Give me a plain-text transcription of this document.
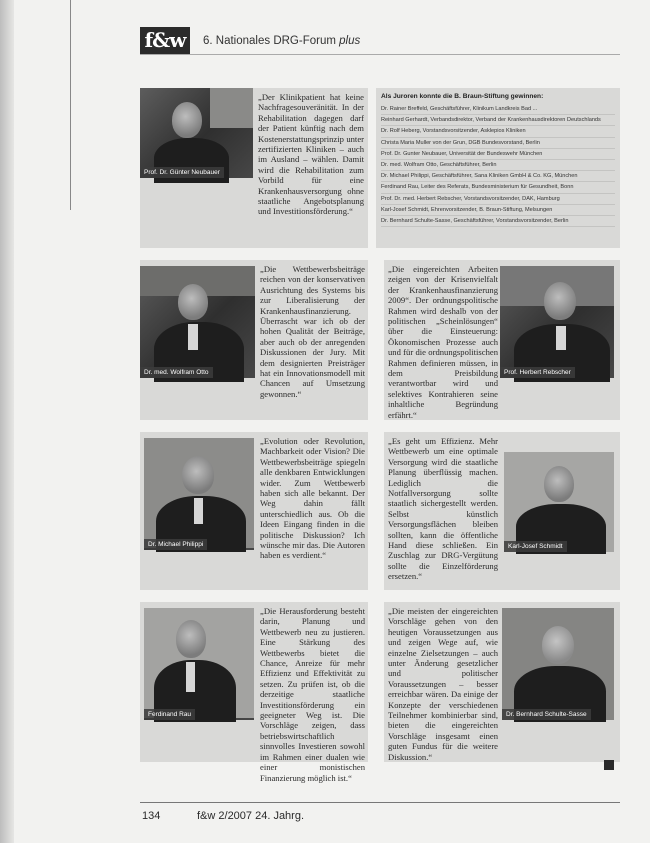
f&w	6. Nationales DRG-Forum plus
Prof. Dr. Günter Neubauer

„Der Klinikpatient hat keine Nachfragesouveränität. In der Rehabilitation dagegen darf der Patient künftig nach dem Kostenerstattungsprinzip unter zertifizierten Kliniken – auch im Ausland – wählen. Damit wird die Rehabilitation zum Vorbild für eine Krankenhausversorgung ohne staatliche Angebotsplanung und Investitionsförderung.“

Als Juroren konnte die B. Braun-Stiftung gewinnen:
Dr. Rainer Breffeld, Geschäftsführer, Klinikum Landkreis Bad ...
Reinhard Gerhardt, Verbandsdirektor, Verband der Krankenhausdirektoren Deutschlands
Dr. Rolf Heberg, Vorstandsvorsitzender, Asklepios Kliniken
Christa Maria Muller von der Grun, DGB Bundesvorstand, Berlin
Prof. Dr. Gunter Neubauer, Universität der Bundeswehr München
Dr. med. Wolfram Otto, Geschäftsführer, Berlin
Dr. Michael Philippi, Geschäftsführer, Sana Kliniken GmbH & Co. KG, München
Ferdinand Rau, Leiter des Referats, Bundesministerium für Gesundheit, Bonn
Prof. Dr. med. Herbert Rebscher, Vorstandsvorsitzender, DAK, Hamburg
Karl-Josef Schmidt, Ehrenvorsitzender, B. Braun-Stiftung, Melsungen
Dr. Bernhard Schulte-Sasse, Geschäftsführer, Vorstandsvorsitzender, Berlin
Dr. med. Wolfram Otto

„Die Wettbewerbsbeiträge reichen von der konservativen Ausrichtung des Systems bis zur Liberalisierung der Krankenhausfinanzierung. Überrascht war ich ob der hohen Qualität der Beiträge, aber auch ob der anregenden Diskussionen der Jury. Mit dem designierten Preisträger hat ein Innovationsmodell mit Chancen auf Umsetzung gewonnen.“

Prof. Herbert Rebscher

„Die eingereichten Arbeiten zeigen von der Krisenvielfalt der Krankenhausfinanzierung 2009“. Der ordnungspolitische Rahmen wird deshalb von der politischen „Scheinlösungen“ über die Einsteuerung: Ökonomischen Prozesse auch und für die ordnungspolitischen Rahmen definieren müssen, in dem Preisbildung verantwortbar wird und selektives Kontrahieren seine inhaltliche Begründung erfährt.“

Dr. Michael Philippi

„Evolution oder Revolution, Machbarkeit oder Vision? Die Wettbewerbsbeiträge spiegeln alle denkbaren Entwicklungen wider. Zum Wettbewerb haben sich alle bekannt. Der Weg dahin fällt unterschiedlich aus. Ob die Ideen Eingang finden in die politische Diskussion? Ich wünsche mir das. Die Autoren haben es verdient.“

Karl-Josef Schmidt

„Es geht um Effizienz. Mehr Wettbewerb um eine optimale Versorgung wird die staatliche Planung überflüssig machen. Lediglich die Notfallversorgung sollte staatlich sichergestellt werden. Selbst künstlich Versorgungsflächen bleiben sollten, kann die öffentliche Hand diese schließen. Ein Zuschlag zur DRG-Vergütung sollte die Einzelförderung ersetzen.“

Ferdinand Rau

„Die Herausforderung besteht darin, Planung und Wettbewerb neu zu justieren. Eine Stärkung des Wettbewerbs bietet die Chance, Anreize für mehr Effizienz und Effektivität zu setzen. Zu prüfen ist, ob die derzeitige staatliche Investitionsförderung ein geeigneter Weg ist. Die Vorschläge zeigen, dass betriebswirtschaftlich sinnvolles Investieren sowohl im Rahmen einer dualen wie einer monistischen Finanzierung möglich ist.“

Dr. Bernhard Schulte-Sasse

„Die meisten der eingereichten Vorschläge gehen von den heutigen Voraussetzungen aus und zeigen Wege auf, wie einzelne Zielsetzungen – auch unter Änderung gesetzlicher und politischer Voraussetzungen – besser erreichbar wären. Da einige der Konzepte der verschiedenen Teilnehmer kombinierbar sind, bieten die eingereichten Vorschläge insgesamt einen guten Fundus für die weitere Diskussion.“

134	f&w 2/2007 24. Jahrg.
